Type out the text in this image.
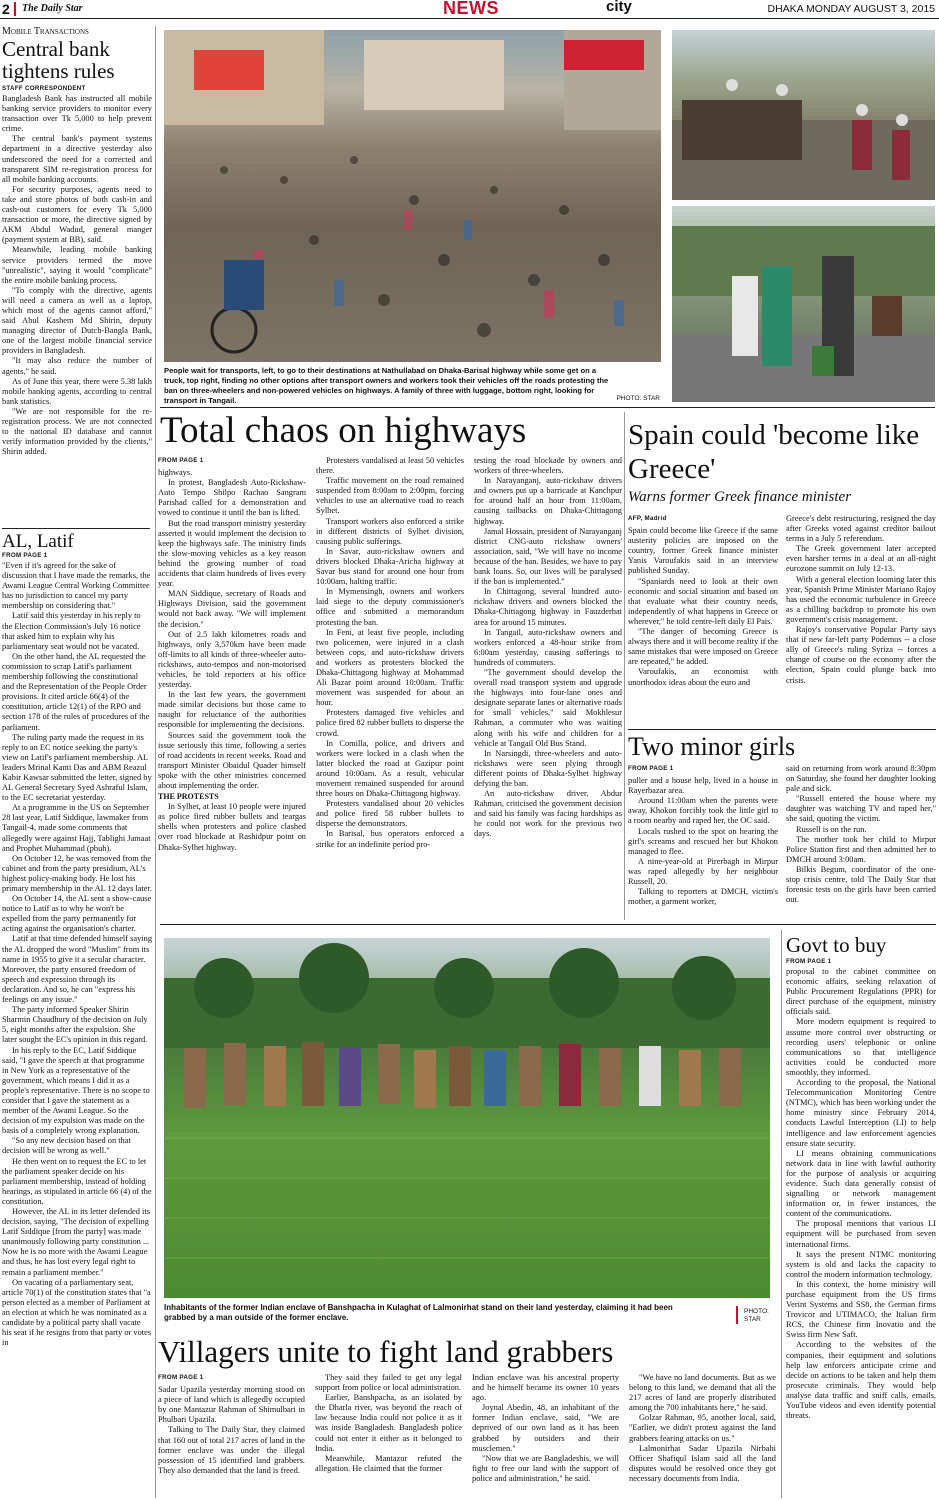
2 The Daily Star	NEWS	city	DHAKA MONDAY AUGUST 3, 2015
Mobile Transactions
Central bank tightens rules
STAFF CORRESPONDENT

Bangladesh Bank has instructed all mobile banking service providers to monitor every transaction over Tk 5,000 to help prevent crime.

The central bank's payment systems department in a directive yesterday also underscored the need for a corrected and transparent SIM re-registration process for all mobile banking accounts.

For security purposes, agents need to take and store photos of both cash-in and cash-out customers for every Tk 5,000 transaction or more, the directive signed by AKM Abdul Wadud, general manger (payment system at BB), said.

Meanwhile, leading mobile banking service providers termed the move "unrealistic", saying it would "complicate" the entire mobile banking process.

"To comply with the directive, agents will need a camera as well as a laptop, which most of the agents cannot afford," said Abul Kashem Md Shirin, deputy managing director of Dutch-Bangla Bank, one of the largest mobile financial service providers in Bangladesh.

"It may also reduce the number of agents," he said.

As of June this year, there were 5.38 lakh mobile banking agents, according to central bank statistics.

"We are not responsible for the re-registration process. We are not connected to the national ID database and cannot verify information provided by the clients," Shirin added.

AL, Latif
FROM PAGE 1

"Even if it's agreed for the sake of discussion that I have made the remarks, the Awami League Central Working Committee has no jurisdiction to cancel my party membership on considering that."

Latif said this yesterday in his reply to the Election Commission's July 16 notice that asked him to explain why his parliamentary seat would not be vacated.

On the other hand, the AL requested the commission to scrap Latif's parliament membership following the constitutional and the Representation of the People Order provisions. It cited article 66(4) of the constitution, article 12(1) of the RPO and section 178 of the rules of procedures of the parliament.

The ruling party made the request in its reply to an EC notice seeking the party's view on Latif's parliament membership. AL leaders Mrinal Kanti Das and ABM Reazul Kabir Kawsar submitted the letter, signed by AL General Secretary Syed Ashraful Islam, to the EC secretariat yesterday.

At a programme in the US on September 28 last year, Latif Siddique, lawmaker from Tangail-4, made some comments that allegedly were against Hajj, Tablighi Jamaat and Prophet Muhammad (pbuh).

On October 12, he was removed from the cabinet and from the party presidium, AL's highest policy-making body. He lost his primary membership in the AL 12 days later.

On October 14, the AL sent a show-cause notice to Latif as to why he won't be expelled from the party permanently for acting against the organisation's charter.

Latif at that time defended himself saying the AL dropped the word "Muslim" from its name in 1955 to give it a secular character. Moreover, the party ensured freedom of speech and expression through its declaration. And so, he can "express his feelings on any issue."

The party informed Speaker Shirin Sharmin Chaudhury of the decision on July 5, eight months after the expulsion. She later sought the EC's opinion in this regard.

In his reply to the EC, Latif Siddique said, "I gave the speech at that programme in New York as a representative of the government, which means I did it as a people's representative. There is no scope to consider that I gave the statement as a member of the Awami League. So the decision of my expulsion was made on the basis of a completely wrong explanation.

"So any new decision based on that decision will be wrong as well."

He then went on to request the EC to let the parliament speaker decide on his parliament membership, instead of holding hearings, as stipulated in article 66 (4) of the constitution.

However, the AL in its letter defended its decision, saying, "The decision of expelling Latif Siddique [from the party] was made unanimously following party constitution ... Now he is no more with the Awami League and thus, he has lost every legal right to remain a parliament member."

On vacating of a parliamentary seat, article 70(1) of the constitution states that "a person elected as a member of Parliament at an election at which he was nominated as a candidate by a political party shall vacate his seat if he resigns from that party or votes in

People wait for transports, left, to go to their destinations at Nathullabad on Dhaka-Barisal highway while some get on a truck, top right, finding no other options after transport owners and workers took their vehicles off the roads protesting the ban on three-wheelers and non-powered vehicles on highways. A family of three with luggage, bottom right, looking for transport in Tangail.	PHOTO: STAR
Total chaos on highways
FROM PAGE 1

highways.

In protest, Bangladesh Auto-Rickshaw-Auto Tempo Shilpo Rachao Sangram Parishad called for a demonstration and vowed to continue it until the ban is lifted.

But the road transport ministry yesterday asserted it would implement the decision to keep the highways safe. The ministry finds the slow-moving vehicles as a key reason behind the growing number of road accidents that claim hundreds of lives every year.

MAN Siddique, secretary of Roads and Highways Division, said the government would not back away. "We will implement the decision."

Out of 2.5 lakh kilometres roads and highways, only 3,570km have been made off-limits to all kinds of three-wheeler auto-rickshaws, auto-tempos and non-motorised vehicles, he told reporters at his office yesterday.

In the last few years, the government made similar decisions but those came to naught for reluctance of the authorities responsible for implementing the decisions.

Sources said the government took the issue seriously this time, following a series of road accidents in recent weeks. Road and transport Minister Obaidul Quader himself spoke with the other ministries concerned about implementing the order.

THE PROTESTS

In Sylhet, at least 10 people were injured as police fired rubber bullets and teargas shells when protesters and police clashed over road blockade at Rashidpur point on Dhaka-Sylhet highway.

Protesters vandalised at least 50 vehicles there.

Traffic movement on the road remained suspended from 8:00am to 2:00pm, forcing vehicles to use an alternative road to reach Sylhet.

Transport workers also enforced a strike in different districts of Sylhet division, causing public sufferings.

In Savar, auto-rickshaw owners and drivers blocked Dhaka-Aricha highway at Savar bus stand for around one hour from 10:00am, halting traffic.

In Mymensingh, owners and workers laid siege to the deputy commissioner's office and submitted a memorandum protesting the ban.

In Feni, at least five people, including two policemen, were injured in a clash between cops, and auto-rickshaw drivers and workers as protesters blocked the Dhaka-Chittagong highway at Mohammad Ali Bazar point around 10:00am. Traffic movement was suspended for about an hour.

Protesters damaged five vehicles and police fired 82 rubber bullets to disperse the crowd.

In Comilla, police, and drivers and workers were locked in a clash when the latter blocked the road at Gazipur point around 10:00am. As a result, vehicular movement remained suspended for around three hours on Dhaka-Chittagong highway.

Protesters vandalised about 20 vehicles and police fired 58 rubber bullets to disperse the demonstrators.

In Barisal, bus operators enforced a strike for an indefinite period pro-

testing the road blockade by owners and workers of three-wheelers.

In Narayanganj, auto-rickshaw drivers and owners put up a barricade at Kanchpur for around half an hour from 11:00am, causing tailbacks on Dhaka-Chittagong highway.

Jamal Hossain, president of Narayanganj district CNG-auto rickshaw owners' association, said, "We will have no income because of the ban. Besides, we have to pay bank loans. So, our lives will be paralysed if the ban is implemented."

In Chittagong, several hundred auto-rickshaw drivers and owners blocked the Dhaka-Chittagong highway in Fauzderhat area for around 15 minutes.

In Tangail, auto-rickshaw owners and workers enforced a 48-hour strike from 6:00am yesterday, causing sufferings to hundreds of commuters.

"The government should develop the overall road transport system and upgrade the highways into four-lane ones and designate separate lanes or alternative roads for small vehicles," said Mokhlesur Rahman, a commuter who was waiting along with his wife and children for a vehicle at Tangail Old Bus Stand.

In Narsingdi, three-wheelers and auto-rickshaws were seen plying through different points of Dhaka-Sylhet highway defying the ban.

An auto-rickshaw driver, Abdur Rahman, criticised the government decision and said his family was facing hardships as he could not work for the previous two days.

Spain could 'become like Greece'
Warns former Greek finance minister
AFP, Madrid

Spain could become like Greece if the same austerity policies are imposed on the country, former Greek finance minister Yanis Varoufakis said in an interview published Sunday.

"Spaniards need to look at their own economic and social situation and based on that evaluate what their country needs, independently of what happens in Greece or wherever," he told centre-left daily El Pais.

"The danger of becoming Greece is always there and it will become reality if the same mistakes that were imposed on Greece are repeated," he added.

Varoufakis, an economist with unorthodox ideas about the euro and

Greece's debt restructuring, resigned the day after Greeks voted against creditor bailout terms in a July 5 referendum.

The Greek government later accepted even harsher terms in a deal at an all-night eurozone summit on July 12-13.

With a general election looming later this year, Spanish Prime Minister Mariano Rajoy has used the economic turbulence in Greece as a chilling backdrop to promote his own government's crisis management.

Rajoy's conservative Popular Party says that if new far-left party Podemos -- a close ally of Greece's ruling Syriza -- forces a change of course on the economy after the election, Spain could plunge back into crisis.

Two minor girls
FROM PAGE 1

puller and a house help, lived in a house in Rayerbazar area.

Around 11:00am when the parents were away, Khokon forcibly took the little girl to a room nearby and raped her, the OC said.

Locals rushed to the spot on hearing the girl's screams and rescued her but Khokon managed to flee.

A nine-year-old at Pirerbagh in Mirpur was raped allegedly by her neighbour Russell, 20.

Talking to reporters at DMCH, victim's mother, a garment worker,

said on returning from work around 8:30pm on Saturday, she found her daughter looking pale and sick.

"Russell entered the house where my daughter was watching TV and raped her," she said, quoting the victim.

Russell is on the run.

The mother took her child to Mirpur Police Station first and then admitted her to DMCH around 3:00am.

Bilkis Begum, coordinator of the one-stop crisis centre, told The Daily Star that forensic tests on the girls have been carried out.

Inhabitants of the former Indian enclave of Banshpacha in Kulaghat of Lalmonirhat stand on their land yesterday, claiming it had been grabbed by a man outside of the former enclave.
PHOTO: STAR
Villagers unite to fight land grabbers
FROM PAGE 1

Sadar Upazila yesterday morning stood on a piece of land which is allegedly occupied by one Mantazur Rahman of Shimulbari in Phulbari Upazila.

Talking to The Daily Star, they claimed that 160 out of total 217 acres of land in the former enclave was under the illegal possession of 15 identified land grabbers. They also demanded that the land is freed.

They said they failed to get any legal support from police or local administration.

Earlier, Banshpacha, as an isolated by the Dharla river, was beyond the reach of law because India could not police it as it was inside Bangladesh. Bangladesh police could not enter it either as it belonged to India.

Meanwhile, Mantazur refuted the allegation. He claimed that the former

Indian enclave was his ancestral property and he himself became its owner 10 years ago.

Joynal Abedin, 48, an inhabitant of the former Indian enclave, said, "We are deprived of our own land as it has been grabbed by outsiders and their musclemen."

"Now that we are Bangladeshis, we will fight to free our land with the support of police and administration," he said.

"We have no land documents. But as we belong to this land, we demand that all the 217 acres of land are properly distributed among the 700 inhabitants here," he said.

Golzar Rahman, 95, another local, said, "Earlier, we didn't protest against the land grabbers fearing attacks on us."

Lalmonirhat Sadar Upazila Nirbahi Officer Shafiqul Islam said all the land disputes would be resolved once they got necessary documents from India.

Govt to buy
FROM PAGE 1

proposal to the cabinet committee on economic affairs, seeking relaxation of Public Procurement Regulations (PPR) for direct purchase of the equipment, ministry officials said.

More modern equipment is required to assume more control over obstructing or recording users' telephonic or online communications so that intelligence activities could be conducted more smoothly, they informed.

According to the proposal, the National Telecommunication Monitoring Centre (NTMC), which has been working under the home ministry since February 2014, conducts Lawful Interception (LI) to help intelligence and law enforcement agencies ensure state security.

LI means obtaining communications network data in line with lawful authority for the purpose of analysis or acquiring evidence. Such data generally consist of signalling or network management information or, in fewer instances, the content of the communications.

The proposal mentions that various LI equipment will be purchased from seven international firms.

It says the present NTMC monitoring system is old and lacks the capacity to control the modern information technology.

In this context, the home ministry will purchase equipment from the US firms Verint Systems and SS8, the German firms Trovicor and UTIMACO, the Italian firm RCS, the Chinese firm Inovatio and the Swiss firm New Saft.

According to the websites of the companies, their equipment and solutions help law enforcers anticipate crime and decide on actions to be taken and help them prosecute criminals. They would help analyse data traffic and sniff calls, emails, YouTube videos and even identify potential threats.
